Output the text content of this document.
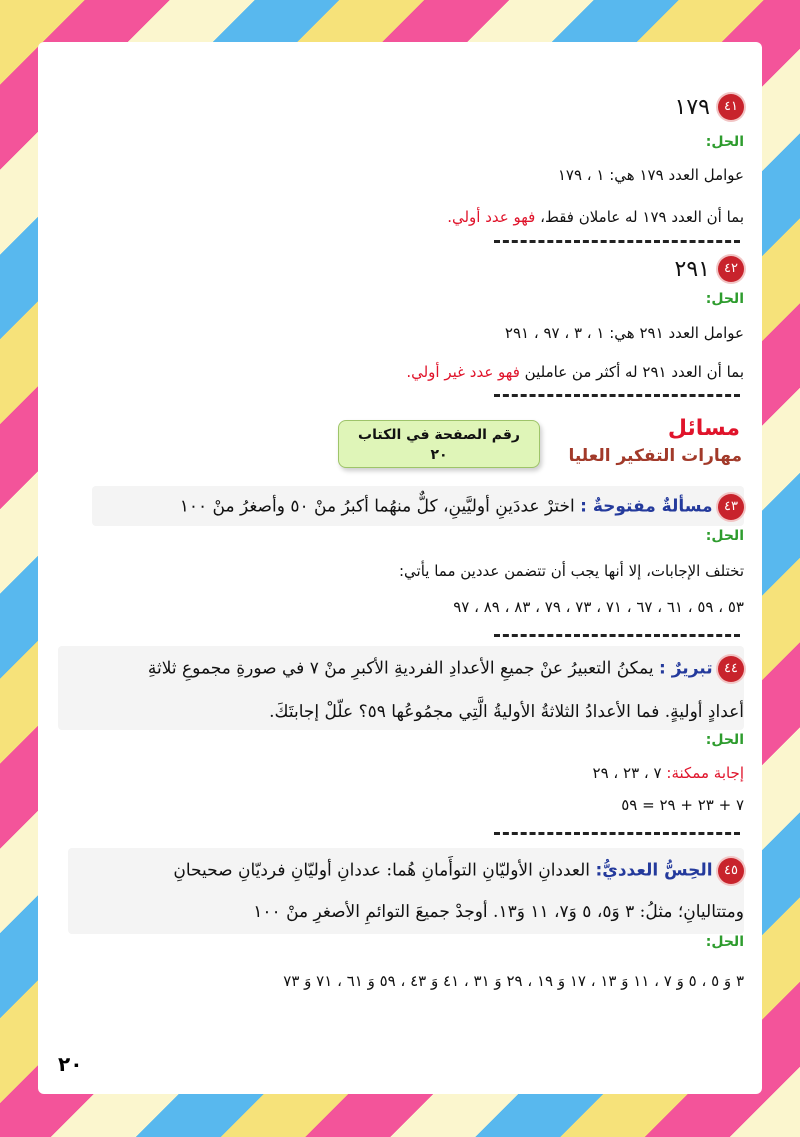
٤١١٧٩
الحل:
عوامل العدد ١٧٩ هي: ١ ، ١٧٩
بما أن العدد ١٧٩ له عاملان فقط، فهو عدد أولي.
٤٢٢٩١
الحل:
عوامل العدد ٢٩١ هي: ١ ، ٣ ، ٩٧ ، ٢٩١
بما أن العدد ٢٩١ له أكثر من عاملين فهو عدد غير أولي.
مسائل
مهارات التفكير العليا
رقم الصفحة في الكتاب
٢٠
٤٣ مسألةٌ مفتوحةٌ : اخترْ عددَينِ أوليَّينِ، كلٌّ منهُما أكبرُ منْ ٥٠ وأصغرُ منْ ١٠٠
الحل:
تختلف الإجابات، إلا أنها يجب أن تتضمن عددين مما يأتي:
٥٣ ، ٥٩ ، ٦١ ، ٦٧ ، ٧١ ، ٧٣ ، ٧٩ ، ٨٣ ، ٨٩ ، ٩٧
٤٤ تبريرٌ : يمكنُ التعبيرُ عنْ جميعِ الأعدادِ الفرديةِ الأكبرِ منْ ٧ في صورةِ مجموعِ ثلاثةِ
أعدادٍ أوليةٍ. فما الأعدادُ الثلاثةُ الأوليةُ الَّتِي مجمُوعُها ٥٩؟ علّلْ إجابتَكَ.
الحل:
إجابة ممكنة: ٧ ، ٢٣ ، ٢٩
٧ + ٢٣ + ٢٩ = ٥٩
٤٥ الحِسُّ العدديُّ: العددانِ الأوليّانِ التوأَمانِ هُما: عددانِ أوليّانِ فرديّانِ صحيحانِ
ومتتاليانِ؛ مثلُ: ٣ وَ٥، ٥ وَ٧، ١١ وَ١٣. أوجدْ جميعَ التوائمِ الأصغرِ منْ ١٠٠
الحل:
٣ وَ ٥ ، ٥ وَ ٧ ، ١١ وَ ١٣ ، ١٧ وَ ١٩ ، ٢٩ وَ ٣١ ، ٤١ وَ ٤٣ ، ٥٩ وَ ٦١ ، ٧١ وَ ٧٣
٢٠
